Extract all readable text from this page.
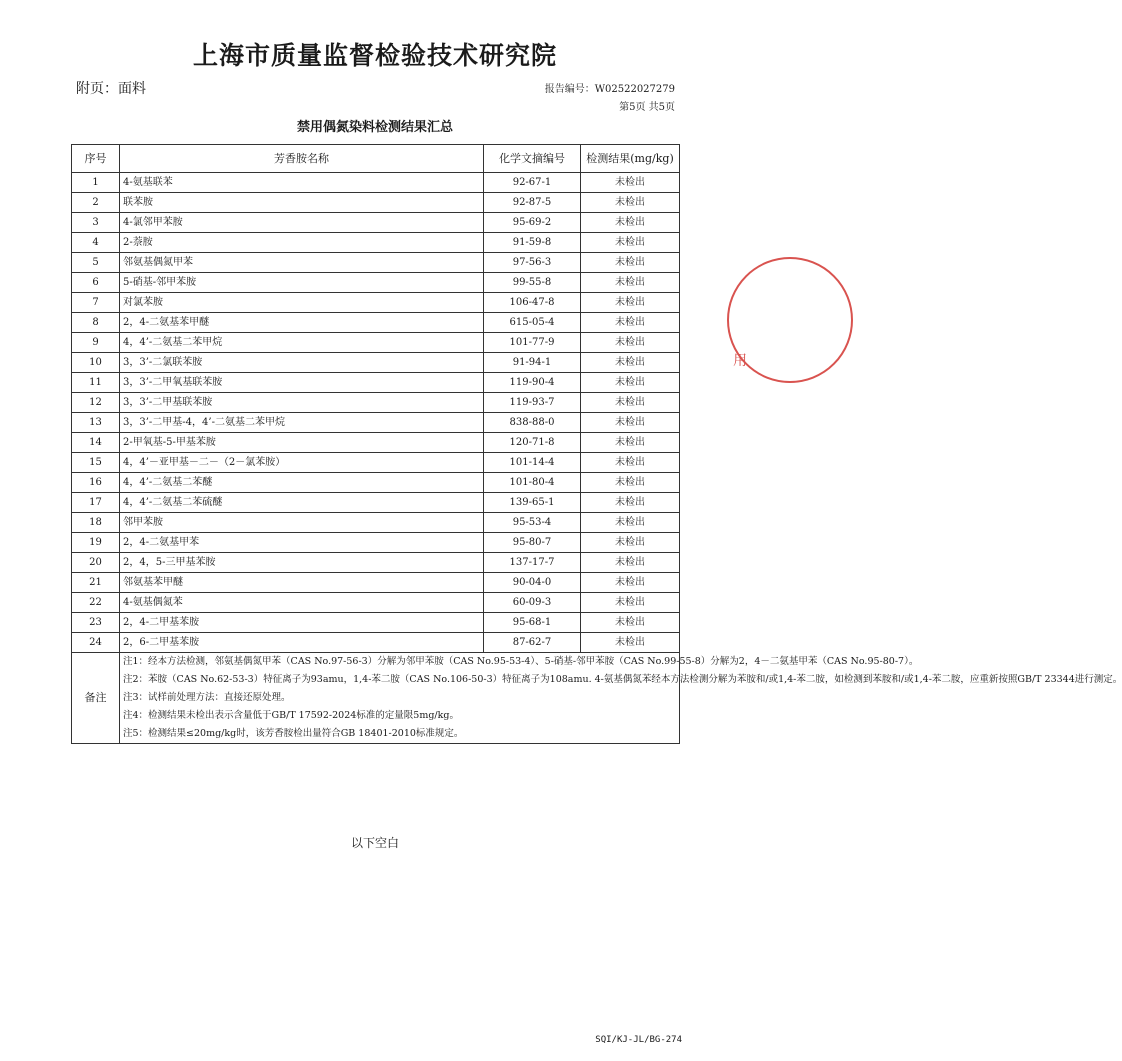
上海市质量监督检验技术研究院
附页：面料	报告编号：W02522027279
第5页 共5页
禁用偶氮染料检测结果汇总
序号	芳香胺名称	化学文摘编号	检测结果(mg/kg)
1	4-氨基联苯	92-67-1	未检出
2	联苯胺	92-87-5	未检出
3	4-氯邻甲苯胺	95-69-2	未检出
4	2-萘胺	91-59-8	未检出
5	邻氨基偶氮甲苯	97-56-3	未检出
6	5-硝基-邻甲苯胺	99-55-8	未检出
7	对氯苯胺	106-47-8	未检出
8	2，4-二氨基苯甲醚	615-05-4	未检出
9	4，4’-二氨基二苯甲烷	101-77-9	未检出
10	3，3’-二氯联苯胺	91-94-1	未检出
11	3，3’-二甲氧基联苯胺	119-90-4	未检出
12	3，3’-二甲基联苯胺	119-93-7	未检出
13	3，3’-二甲基-4，4’-二氨基二苯甲烷	838-88-0	未检出
14	2-甲氧基-5-甲基苯胺	120-71-8	未检出
15	4，4’－亚甲基－二－（2－氯苯胺）	101-14-4	未检出
16	4，4’-二氨基二苯醚	101-80-4	未检出
17	4，4’-二氨基二苯硫醚	139-65-1	未检出
18	邻甲苯胺	95-53-4	未检出
19	2，4-二氨基甲苯	95-80-7	未检出
20	2，4，5-三甲基苯胺	137-17-7	未检出
21	邻氨基苯甲醚	90-04-0	未检出
22	4-氨基偶氮苯	60-09-3	未检出
23	2，4-二甲基苯胺	95-68-1	未检出
24	2，6-二甲基苯胺	87-62-7	未检出
备注	注1：经本方法检测，邻氨基偶氮甲苯（CAS No.97-56-3）分解为邻甲苯胺（CAS No.95-53-4）、5-硝基-邻甲苯胺（CAS No.99-55-8）分解为2，4－二氨基甲苯（CAS No.95-80-7）。
注2：苯胺（CAS No.62-53-3）特征离子为93amu，1,4-苯二胺（CAS No.106-50-3）特征离子为108amu. 4-氨基偶氮苯经本方法检测分解为苯胺和/或1,4-苯二胺，如检测到苯胺和/或1,4-苯二胺，应重新按照GB/T 23344进行测定。
注3：试样前处理方法：直接还原处理。
注4：检测结果未检出表示含量低于GB/T 17592-2024标准的定量限5mg/kg。
注5：检测结果≤20mg/kg时，该芳香胺检出量符合GB 18401-2010标准规定。		
以下空白
SQI/KJ-JL/BG-274
用
